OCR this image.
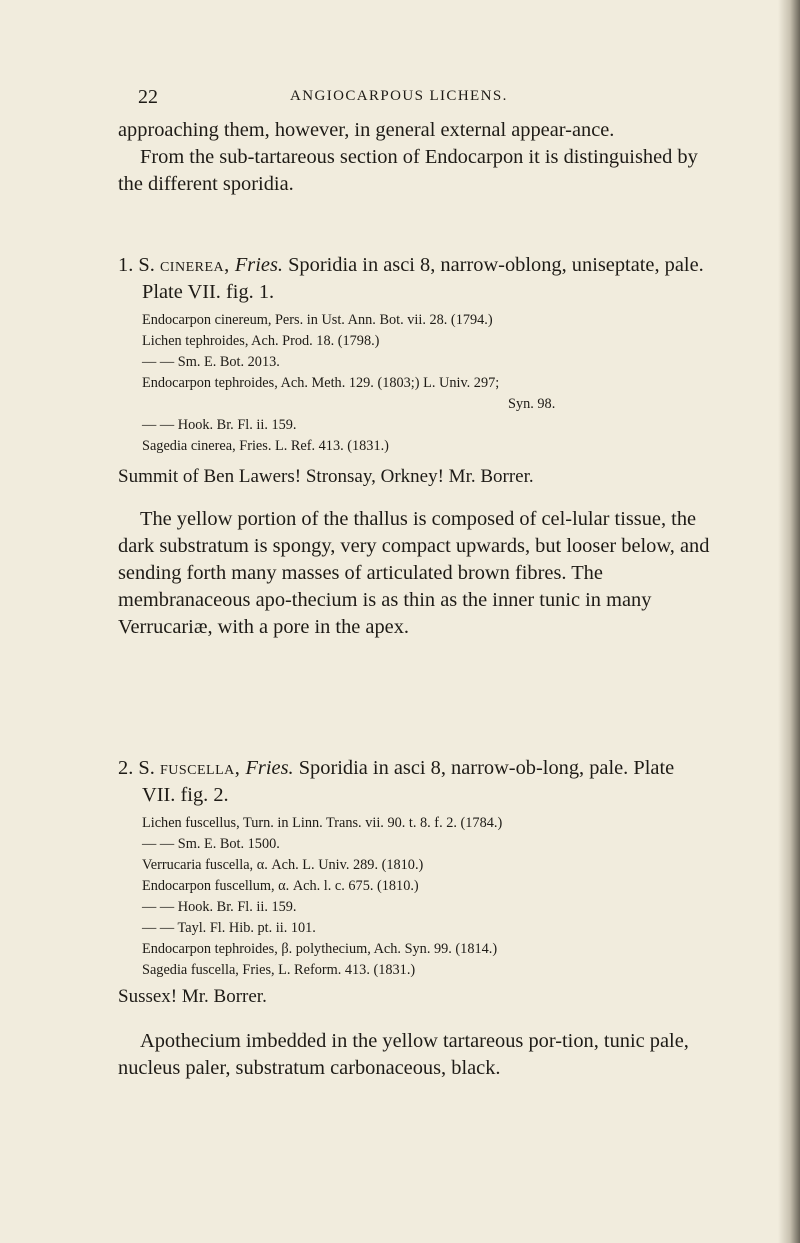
22	ANGIOCARPOUS LICHENS.

approaching them, however, in general external appear-ance.

From the sub-tartareous section of Endocarpon it is distinguished by the different sporidia.

1. S. cinerea, Fries. Sporidia in asci 8, narrow-oblong, uniseptate, pale. Plate VII. fig. 1.

Endocarpon cinereum, Pers. in Ust. Ann. Bot. vii. 28. (1794.)
Lichen tephroides, Ach. Prod. 18. (1798.)
— — Sm. E. Bot. 2013.
Endocarpon tephroides, Ach. Meth. 129. (1803;) L. Univ. 297;
Syn. 98.
— — Hook. Br. Fl. ii. 159.
Sagedia cinerea, Fries. L. Ref. 413. (1831.)

Summit of Ben Lawers! Stronsay, Orkney! Mr. Borrer.

The yellow portion of the thallus is composed of cel-lular tissue, the dark substratum is spongy, very compact upwards, but looser below, and sending forth many masses of articulated brown fibres. The membranaceous apo-thecium is as thin as the inner tunic in many Verrucariæ, with a pore in the apex.

2. S. fuscella, Fries. Sporidia in asci 8, narrow-ob-long, pale. Plate VII. fig. 2.

Lichen fuscellus, Turn. in Linn. Trans. vii. 90. t. 8. f. 2. (1784.)
— — Sm. E. Bot. 1500.
Verrucaria fuscella, α. Ach. L. Univ. 289. (1810.)
Endocarpon fuscellum, α. Ach. l. c. 675. (1810.)
— — Hook. Br. Fl. ii. 159.
— — Tayl. Fl. Hib. pt. ii. 101.
Endocarpon tephroides, β. polythecium, Ach. Syn. 99. (1814.)
Sagedia fuscella, Fries, L. Reform. 413. (1831.)

Sussex! Mr. Borrer.

Apothecium imbedded in the yellow tartareous por-tion, tunic pale, nucleus paler, substratum carbonaceous, black.
